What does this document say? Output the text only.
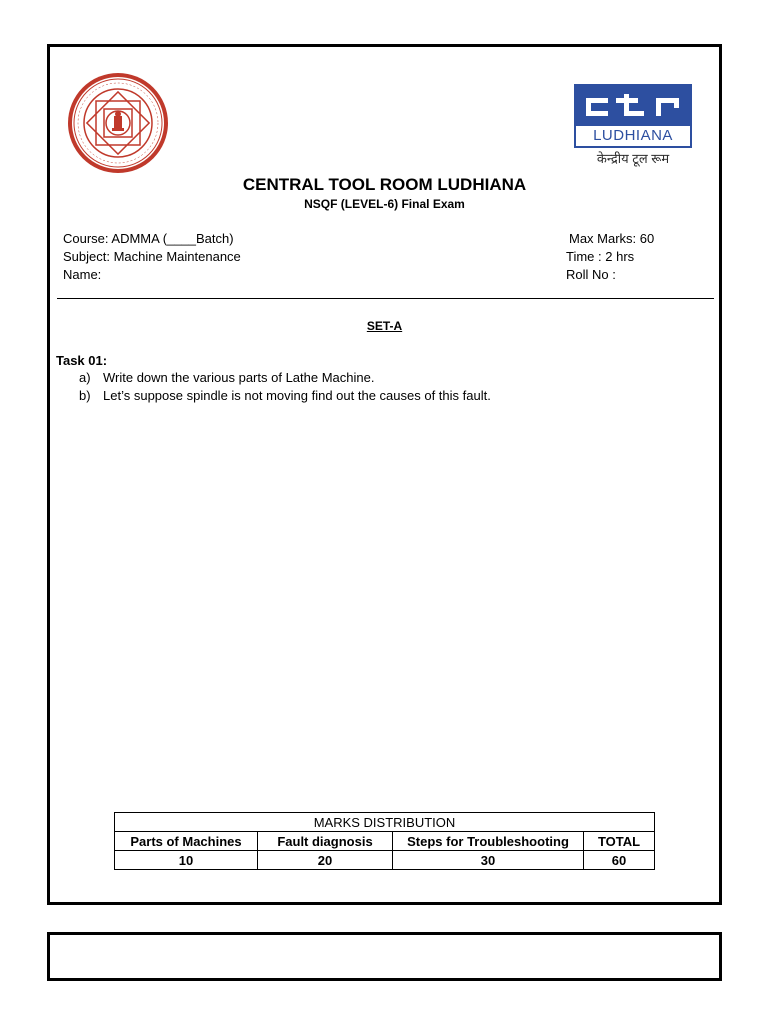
LUDHIANA
केन्द्रीय टूल रूम
CENTRAL TOOL ROOM LUDHIANA
NSQF (LEVEL-6) Final Exam
Course: ADMMA (____Batch)
Subject: Machine Maintenance
Name:
Max Marks: 60
Time : 2 hrs
Roll No :
SET-A
Task 01:
a) Write down the various parts of Lathe Machine.
b) Let’s suppose spindle is not moving find out the causes of this fault.
MARKS DISTRIBUTION			
Parts of Machines	Fault diagnosis	Steps for Troubleshooting	TOTAL
10	20	30	60
